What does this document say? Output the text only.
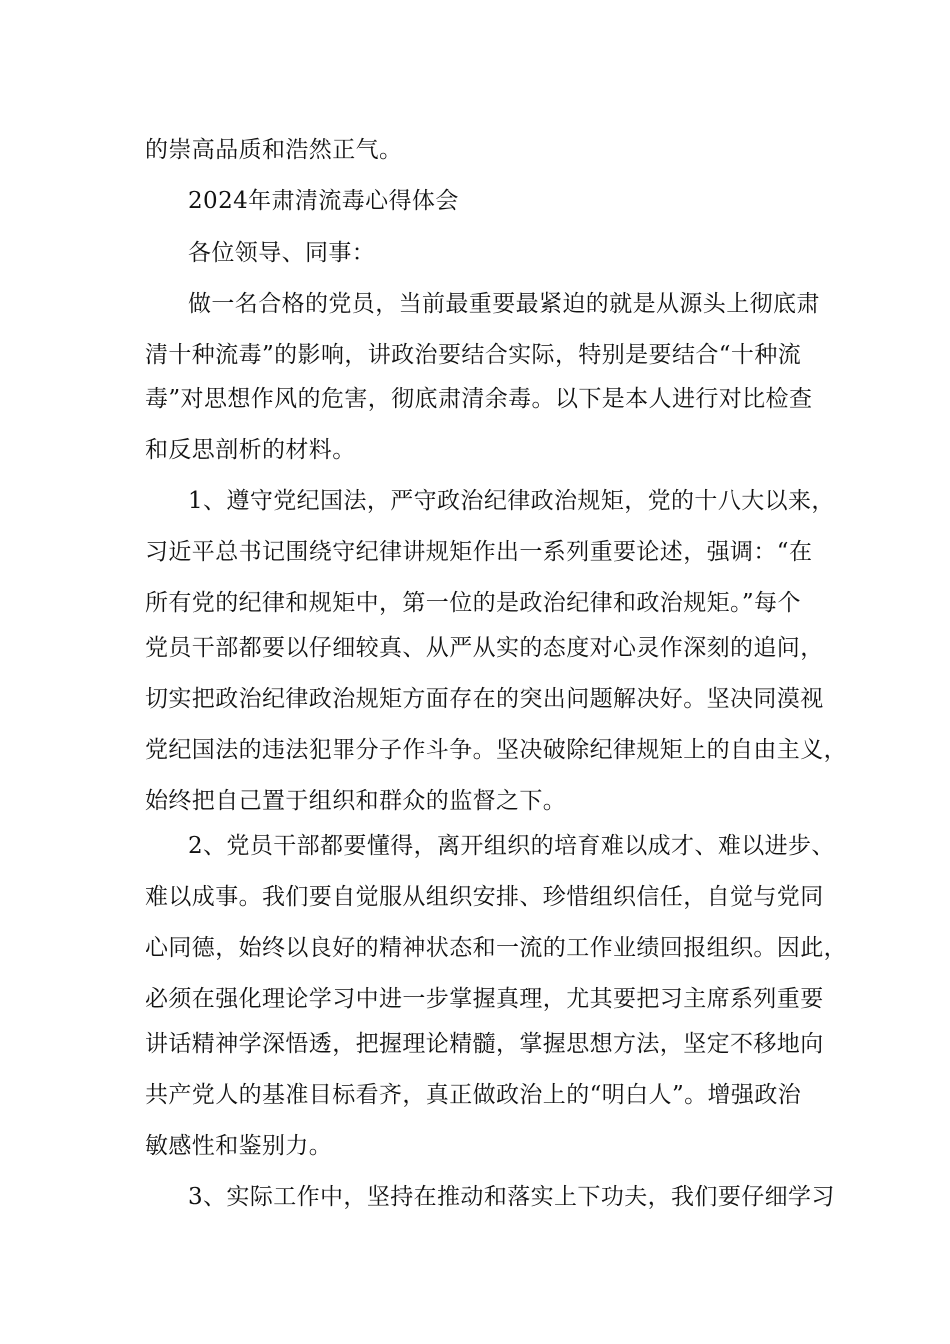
的崇高品质和浩然正气。
2024年肃清流毒心得体会
各位领导、同事：
做一名合格的党员，当前最重要最紧迫的就是从源头上彻底肃
清十种流毒”的影响，讲政治要结合实际，特别是要结合“十种流
毒”对思想作风的危害，彻底肃清余毒。以下是本人进行对比检查
和反思剖析的材料。
1、遵守党纪国法，严守政治纪律政治规矩，党的十八大以来，
习近平总书记围绕守纪律讲规矩作出一系列重要论述，强调：“在
所有党的纪律和规矩中，第一位的是政治纪律和政治规矩。”每个
党员干部都要以仔细较真、从严从实的态度对心灵作深刻的追问，
切实把政治纪律政治规矩方面存在的突出问题解决好。坚决同漠视
党纪国法的违法犯罪分子作斗争。坚决破除纪律规矩上的自由主义，
始终把自己置于组织和群众的监督之下。
2、党员干部都要懂得，离开组织的培育难以成才、难以进步、
难以成事。我们要自觉服从组织安排、珍惜组织信任，自觉与党同
心同德，始终以良好的精神状态和一流的工作业绩回报组织。因此，
必须在强化理论学习中进一步掌握真理，尤其要把习主席系列重要
讲话精神学深悟透，把握理论精髓，掌握思想方法，坚定不移地向
共产党人的基准目标看齐，真正做政治上的“明白人”。增强政治
敏感性和鉴别力。
3、实际工作中，坚持在推动和落实上下功夫，我们要仔细学习
